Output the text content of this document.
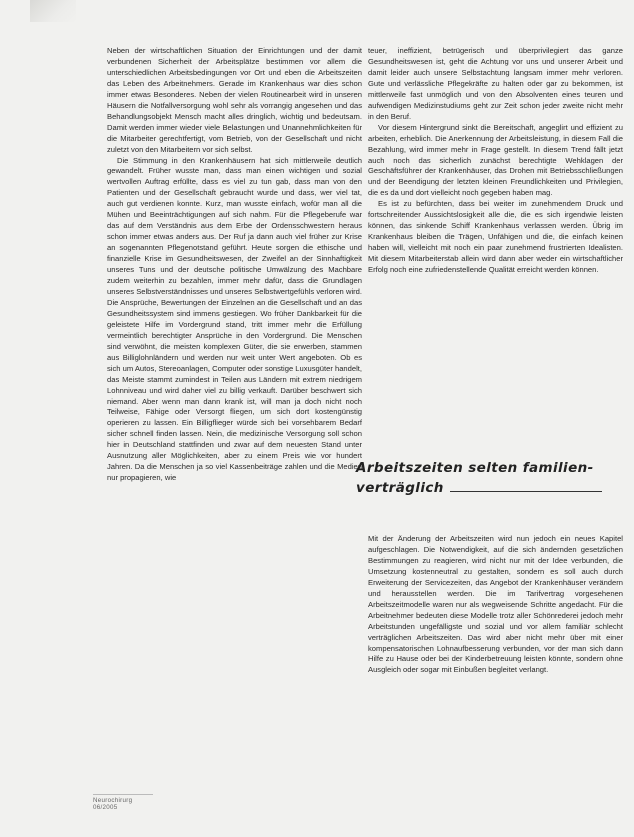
Neben der wirtschaftlichen Situation der Einrichtungen und der damit verbundenen Sicherheit der Arbeitsplätze bestimmen vor allem die unterschiedlichen Arbeitsbedingungen vor Ort und eben die Arbeitszeiten das Leben des Arbeitnehmers. Gerade im Krankenhaus war dies schon immer etwas Besonderes. Neben der vielen Routinearbeit wird in unseren Häusern die Notfallversorgung wohl sehr als vorrangig angesehen und das Behandlungsobjekt Mensch macht alles dringlich, wichtig und bedeutsam. Damit werden immer wieder viele Belastungen und Unannehmlichkeiten für die Mitarbeiter gerechtfertigt, vom Betrieb, von der Gesellschaft und nicht zuletzt von den Mitarbeitern vor sich selbst.

Die Stimmung in den Krankenhäusern hat sich mittlerweile deutlich gewandelt. Früher wusste man, dass man einen wichtigen und sozial wertvollen Auftrag erfüllte, dass es viel zu tun gab, dass man von den Patienten und der Gesellschaft gebraucht wurde und dass, wer viel tat, auch gut verdienen konnte. Kurz, man wusste einfach, wofür man all die Mühen und Beeinträchtigungen auf sich nahm. Für die Pflegeberufe war das auf dem Verständnis aus dem Erbe der Ordensschwestern heraus schon immer etwas anders aus. Der Ruf ja dann auch viel früher zur Krise an sogenannten Pflegenotstand geführt. Heute sorgen die ethische und finanzielle Krise im Gesundheitswesen, der Zweifel an der Sinnhaftigkeit unseres Tuns und der deutsche politische Umwälzung des Machbare zudem weiterhin zu bezahlen, immer mehr dafür, dass die Grundlagen unseres Selbstverständnisses und unseres Selbstwertgefühls verloren wird. Die Ansprüche, Bewertungen der Einzelnen an die Gesellschaft und an das Gesundheitssystem sind immens gestiegen. Wo früher Dankbarkeit für die geleistete Hilfe im Vordergrund stand, tritt immer mehr die Erfüllung vermeintlich berechtigter Ansprüche in den Vordergrund. Die Menschen sind verwöhnt, die meisten komplexen Güter, die sie erwerben, stammen aus Billiglohnländern und werden nur weit unter Wert angeboten. Ob es sich um Autos, Stereoanlagen, Computer oder sonstige Luxusgüter handelt, das Meiste stammt zumindest in Teilen aus Ländern mit extrem niedrigem Lohnniveau und wird daher viel zu billig verkauft. Darüber beschwert sich niemand. Aber wenn man dann krank ist, will man ja doch nicht noch Teilweise, Fähige oder Versorgt fliegen, um sich dort kostengünstig operieren zu lassen. Ein Billigflieger würde sich bei vorsehbarem Bedarf sicher schnell finden lassen. Nein, die medizinische Versorgung soll schon hier in Deutschland stattfinden und zwar auf dem neuesten Stand unter Ausnutzung aller Möglichkeiten, aber zu einem Preis wie vor hundert Jahren. Da die Menschen ja so viel Kassenbeiträge zahlen und die Medien nur propagieren, wie

teuer, ineffizient, betrügerisch und überprivilegiert das ganze Gesundheitswesen ist, geht die Achtung vor uns und unserer Arbeit und damit leider auch unsere Selbstachtung langsam immer mehr verloren. Gute und verlässliche Pflegekräfte zu halten oder gar zu bekommen, ist mittlerweile fast unmöglich und von den Absolventen eines teuren und aufwendigen Medizinstudiums geht zur Zeit schon jeder zweite nicht mehr in den Beruf.

Vor diesem Hintergrund sinkt die Bereitschaft, angeglirt und effizient zu arbeiten, erheblich. Die Anerkennung der Arbeitsleistung, in diesem Fall die Bezahlung, wird immer mehr in Frage gestellt. In diesem Trend fällt jetzt auch noch das sicherlich zunächst berechtigte Wehklagen der Geschäftsführer der Krankenhäuser, das Drohen mit Betriebsschließungen und der Beendigung der letzten kleinen Freundlichkeiten und Privilegien, die es da und dort vielleicht noch gegeben haben mag.

Es ist zu befürchten, dass bei weiter im zunehmendem Druck und fortschreitender Aussichtslosigkeit alle die, die es sich irgendwie leisten können, das sinkende Schiff Krankenhaus verlassen werden. Übrig im Krankenhaus bleiben die Trägen, Unfähigen und die, die einfach keinen haben will, vielleicht mit noch ein paar zunehmend frustrierten Idealisten. Mit diesem Mitarbeiterstab allein wird dann aber weder ein wirtschaftlicher Erfolg noch eine zufriedenstellende Qualität erreicht werden können.

Arbeitszeiten selten familien-
verträglich

Mit der Änderung der Arbeitszeiten wird nun jedoch ein neues Kapitel aufgeschlagen. Die Notwendigkeit, auf die sich ändernden gesetzlichen Bestimmungen zu reagieren, wird nicht nur mit der Idee verbunden, die Umsetzung kostenneutral zu gestalten, sondern es soll auch durch Erweiterung der Servicezeiten, das Angebot der Krankenhäuser verändern und herausstellen werden. Die im Tarifvertrag vorgesehenen Arbeitszeitmodelle waren nur als wegweisende Schritte angedacht. Für die Arbeitnehmer bedeuten diese Modelle trotz aller Schönrederei jedoch mehr Arbeitstunden ungefälligste und sozial und vor allem familiär schlecht verträglichen Arbeitszeiten. Das wird aber nicht mehr über mit einer kompensatorischen Lohnaufbesserung verbunden, vor der man sich dann Hilfe zu Hause oder bei der Kinderbetreuung leisten könnte, sondern ohne Ausgleich oder sogar mit Einbußen begleitet verlangt.

Neurochirurg 06/2005
